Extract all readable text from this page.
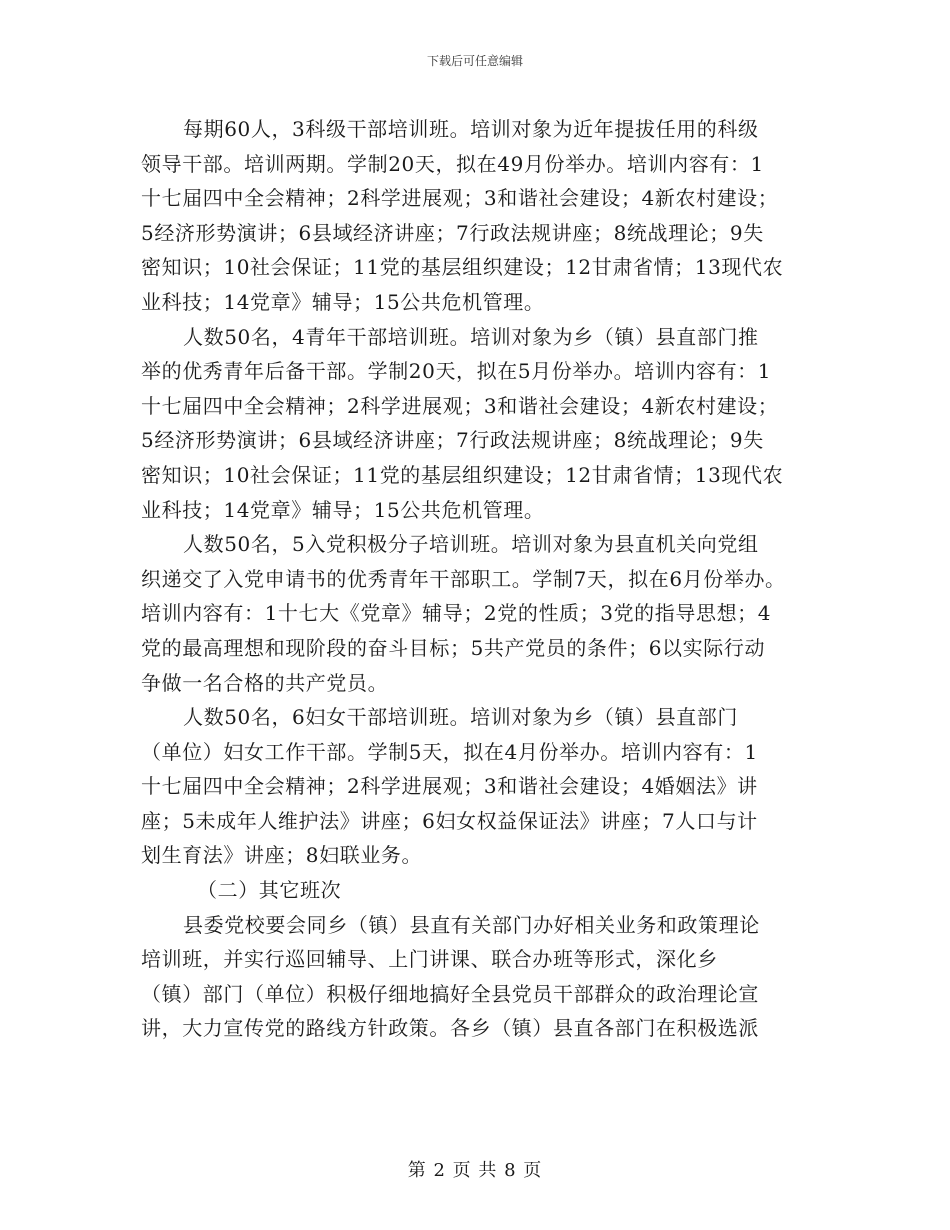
下载后可任意编辑
每期60人，3科级干部培训班。培训对象为近年提拔任用的科级
领导干部。培训两期。学制20天，拟在49月份举办。培训内容有：1
十七届四中全会精神；2科学进展观；3和谐社会建设；4新农村建设；
5经济形势演讲；6县域经济讲座；7行政法规讲座；8统战理论；9失
密知识；10社会保证；11党的基层组织建设；12甘肃省情；13现代农
业科技；14党章》辅导；15公共危机管理。
人数50名，4青年干部培训班。培训对象为乡（镇）县直部门推
举的优秀青年后备干部。学制20天，拟在5月份举办。培训内容有：1
十七届四中全会精神；2科学进展观；3和谐社会建设；4新农村建设；
5经济形势演讲；6县域经济讲座；7行政法规讲座；8统战理论；9失
密知识；10社会保证；11党的基层组织建设；12甘肃省情；13现代农
业科技；14党章》辅导；15公共危机管理。
人数50名，5入党积极分子培训班。培训对象为县直机关向党组
织递交了入党申请书的优秀青年干部职工。学制7天，拟在6月份举办。
培训内容有：1十七大《党章》辅导；2党的性质；3党的指导思想；4
党的最高理想和现阶段的奋斗目标；5共产党员的条件；6以实际行动
争做一名合格的共产党员。
人数50名，6妇女干部培训班。培训对象为乡（镇）县直部门
（单位）妇女工作干部。学制5天，拟在4月份举办。培训内容有：1
十七届四中全会精神；2科学进展观；3和谐社会建设；4婚姻法》讲
座；5未成年人维护法》讲座；6妇女权益保证法》讲座；7人口与计
划生育法》讲座；8妇联业务。
（二）其它班次
县委党校要会同乡（镇）县直有关部门办好相关业务和政策理论
培训班，并实行巡回辅导、上门讲课、联合办班等形式，深化乡
（镇）部门（单位）积极仔细地搞好全县党员干部群众的政治理论宣
讲，大力宣传党的路线方针政策。各乡（镇）县直各部门在积极选派
第 2 页 共 8 页
